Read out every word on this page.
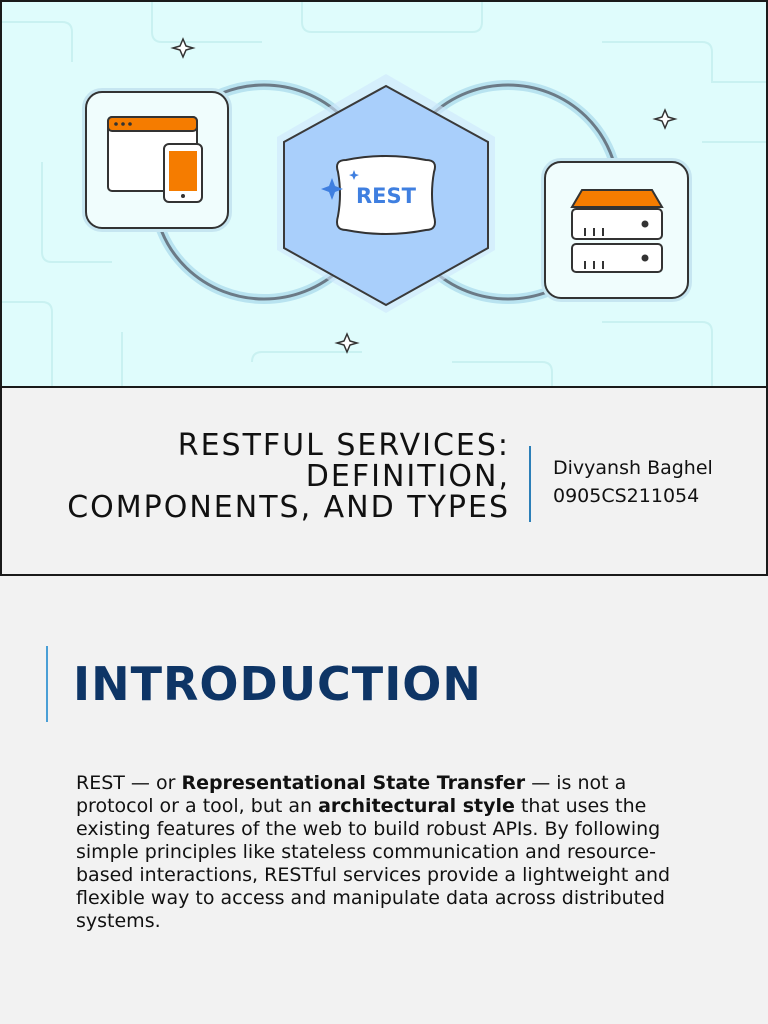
REST
RESTFUL SERVICES:
DEFINITION,
COMPONENTS, AND TYPES
Divyansh Baghel
0905CS211054
INTRODUCTION

REST — or Representational State Transfer — is not a protocol or a tool, but an architectural style that uses the existing features of the web to build robust APIs. By following simple principles like stateless communication and resource-based interactions, RESTful services provide a lightweight and flexible way to access and manipulate data across distributed systems.
